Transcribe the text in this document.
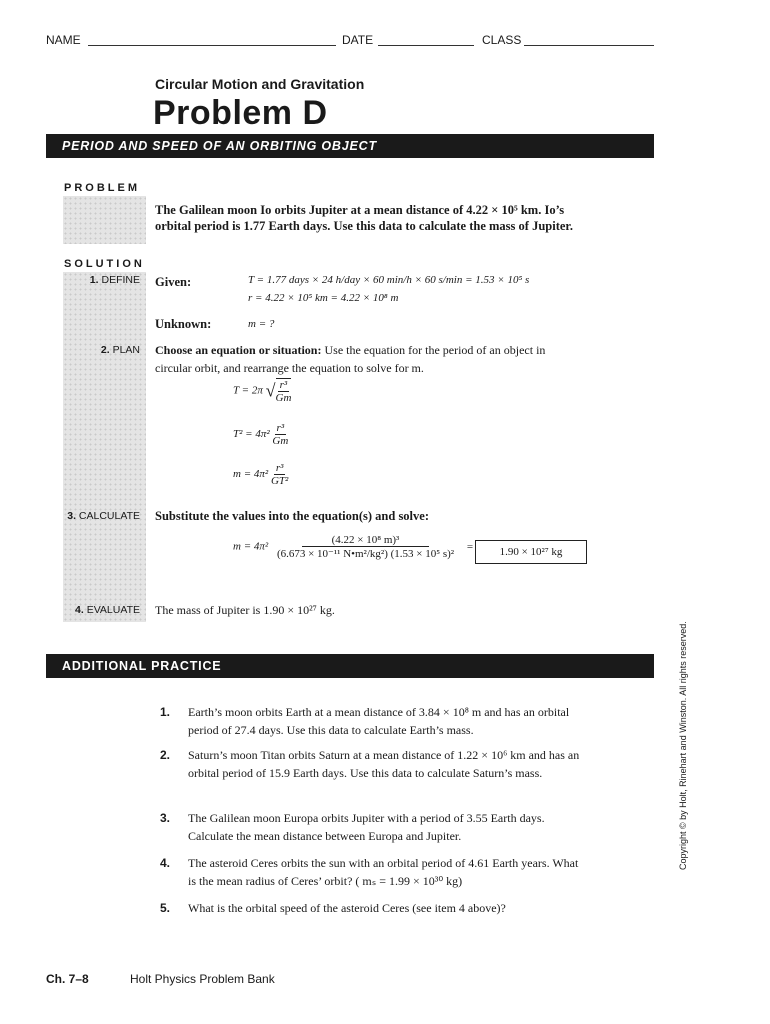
NAME	DATE	CLASS
Circular Motion and Gravitation
Problem D
PERIOD AND SPEED OF AN ORBITING OBJECT
PROBLEM
The Galilean moon Io orbits Jupiter at a mean distance of 4.22 × 10⁵ km. Io’s orbital period is 1.77 Earth days. Use this data to calculate the mass of Jupiter.
SOLUTION
1. DEFINE Given:	T = 1.77 days × 24 h/day × 60 min/h × 60 s/min = 1.53 × 10⁵ s
r = 4.22 × 10⁵ km = 4.22 × 10⁸ m
Unknown:	m = ?
2. PLAN Choose an equation or situation: Use the equation for the period of an object in circular orbit, and rearrange the equation to solve for m.
T = 2π √ $\frac{\text{r³}}{Gm}$
$T^2 = 4\pi^2 \frac{\text{r³}}{Gm}$
$m = 4\pi^2 \frac{\text{r³}}{\text{GT²}}$
3. CALCULATE Substitute the values into the equation(s) and solve:
$m = 4\pi^2 \frac{\text{(4.22 × 10⁸ m)³}}{\text{(6.673 × 10⁻¹¹ N•m²/kg²) (1.53 × 10⁵ s)²}}$ =	1.90 × 10²⁷ kg
4. EVALUATE The mass of Jupiter is 1.90 × 10²⁷ kg.
ADDITIONAL PRACTICE
1. Earth’s moon orbits Earth at a mean distance of 3.84 × 10⁸ m and has an orbital period of 27.4 days. Use this data to calculate Earth’s mass.
2. Saturn’s moon Titan orbits Saturn at a mean distance of 1.22 × 10⁶ km and has an orbital period of 15.9 Earth days. Use this data to calculate Saturn’s mass.
3. The Galilean moon Europa orbits Jupiter with a period of 3.55 Earth days. Calculate the mean distance between Europa and Jupiter.
4. The asteroid Ceres orbits the sun with an orbital period of 4.61 Earth years. What is the mean radius of Ceres’ orbit? ( mₛ = 1.99 × 10³⁰ kg)
5. What is the orbital speed of the asteroid Ceres (see item 4 above)?
Copyright © by Holt, Rinehart and Winston. All rights reserved.
Ch. 7–8	Holt Physics Problem Bank
